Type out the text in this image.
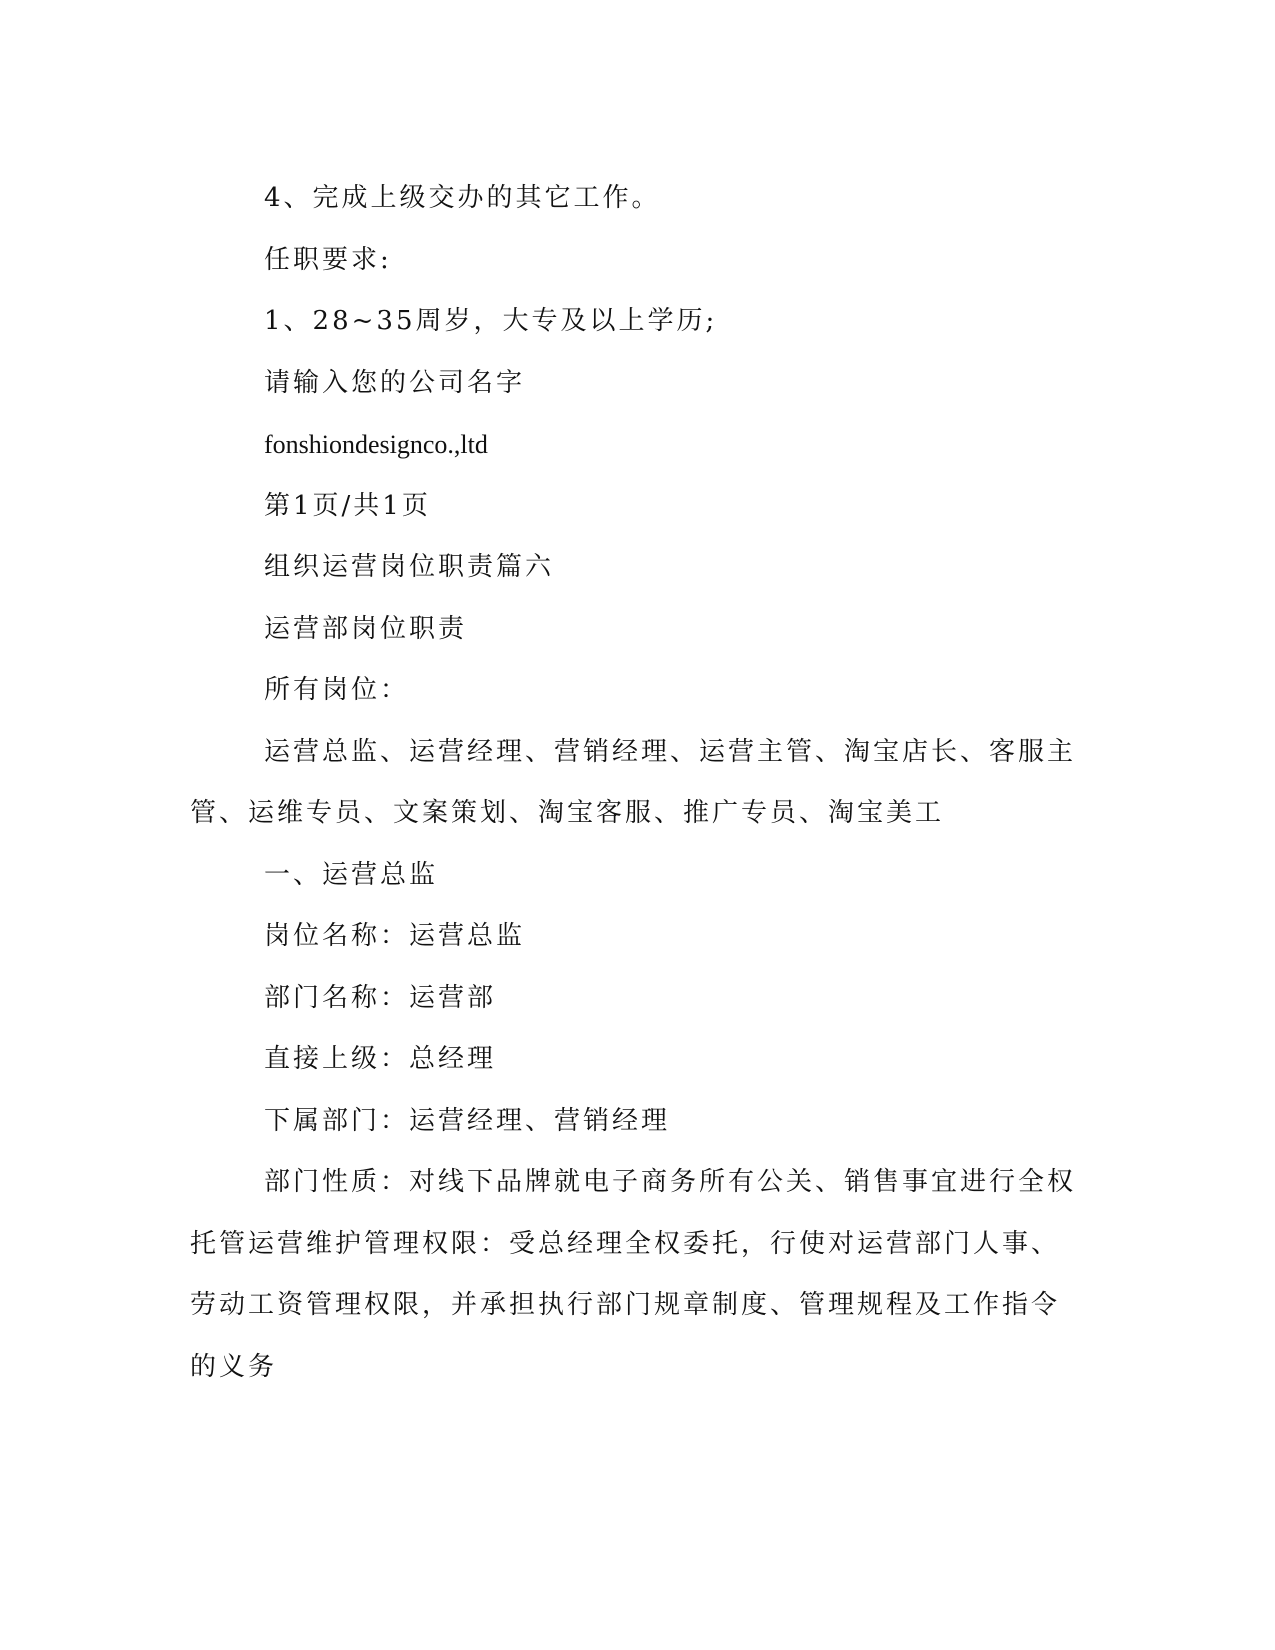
4、完成上级交办的其它工作。

任职要求:

1、28~35周岁，大专及以上学历;

请输入您的公司名字

fonshiondesignco.,ltd

第1页/共1页

组织运营岗位职责篇六

运营部岗位职责

所有岗位：

运营总监、运营经理、营销经理、运营主管、淘宝店长、客服主管、运维专员、文案策划、淘宝客服、推广专员、淘宝美工

一、运营总监

岗位名称：运营总监

部门名称：运营部

直接上级：总经理

下属部门：运营经理、营销经理

部门性质：对线下品牌就电子商务所有公关、销售事宜进行全权托管运营维护管理权限：受总经理全权委托，行使对运营部门人事、劳动工资管理权限，并承担执行部门规章制度、管理规程及工作指令的义务
